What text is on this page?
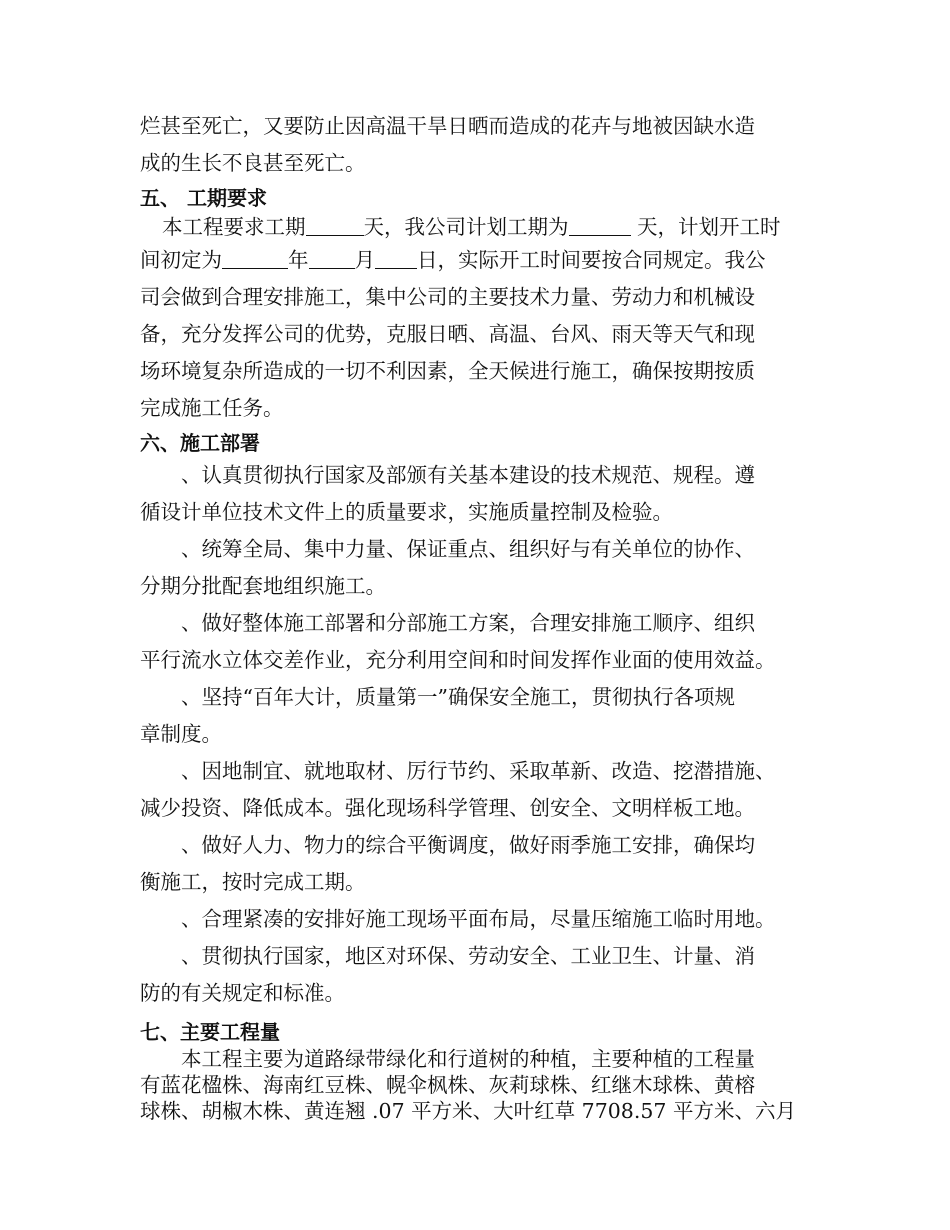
烂甚至死亡，又要防止因高温干旱日晒而造成的花卉与地被因缺水造

成的生长不良甚至死亡。

五、 工期要求

本工程要求工期	天，我公司计划工期为	天，计划开工时

间初定为	年 月 日，实际开工时间要按合同规定。我公

司会做到合理安排施工，集中公司的主要技术力量、劳动力和机械设

备，充分发挥公司的优势，克服日晒、高温、台风、雨天等天气和现

场环境复杂所造成的一切不利因素，全天候进行施工，确保按期按质

完成施工任务。

六、施工部署

、认真贯彻执行国家及部颁有关基本建设的技术规范、规程。遵

循设计单位技术文件上的质量要求，实施质量控制及检验。

、统筹全局、集中力量、保证重点、组织好与有关单位的协作、

分期分批配套地组织施工。

、做好整体施工部署和分部施工方案，合理安排施工顺序、组织

平行流水立体交差作业，充分利用空间和时间发挥作业面的使用效益。

、坚持“百年大计，质量第一”确保安全施工，贯彻执行各项规

章制度。

、因地制宜、就地取材、厉行节约、采取革新、改造、挖潜措施、

减少投资、降低成本。强化现场科学管理、创安全、文明样板工地。

、做好人力、物力的综合平衡调度，做好雨季施工安排，确保均

衡施工，按时完成工期。

、合理紧凑的安排好施工现场平面布局，尽量压缩施工临时用地。

、贯彻执行国家，地区对环保、劳动安全、工业卫生、计量、消

防的有关规定和标准。

七、主要工程量

本工程主要为道路绿带绿化和行道树的种植，主要种植的工程量

有蓝花楹株、海南红豆株、幌伞枫株、灰莉球株、红继木球株、黄榕

球株、胡椒木株、黄连翘 .07 平方米、大叶红草 7708.57 平方米、六月
